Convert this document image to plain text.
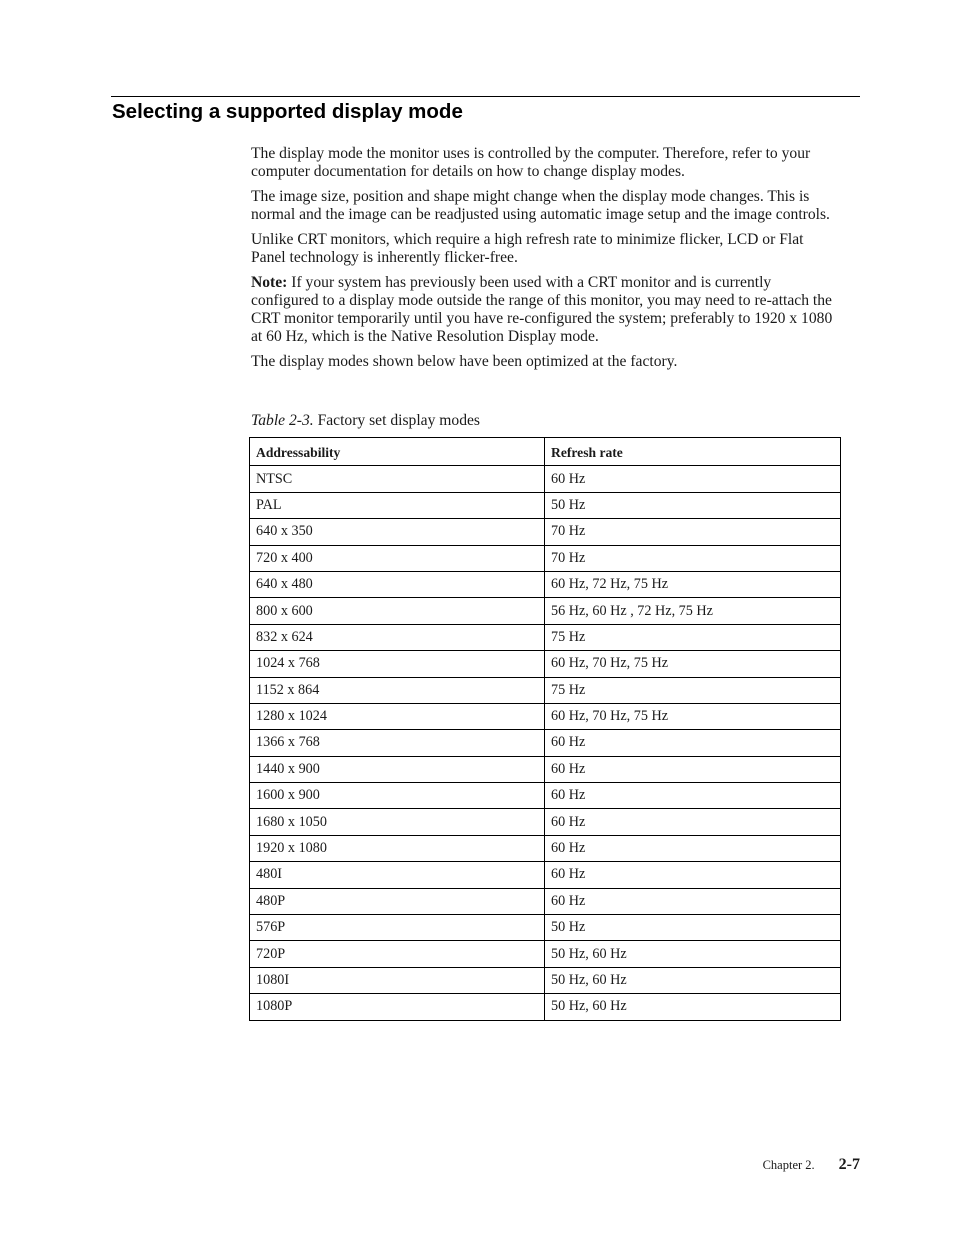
Selecting a supported display mode

The display mode the monitor uses is controlled by the computer. Therefore, refer to your computer documentation for details on how to change display modes.

The image size, position and shape might change when the display mode changes. This is normal and the image can be readjusted using automatic image setup and the image controls.

Unlike CRT monitors, which require a high refresh rate to minimize flicker, LCD or Flat Panel technology is inherently flicker-free.

Note: If your system has previously been used with a CRT monitor and is currently configured to a display mode outside the range of this monitor, you may need to re-attach the CRT monitor temporarily until you have re-configured the system; preferably to 1920 x 1080 at 60 Hz, which is the Native Resolution Display mode.

The display modes shown below have been optimized at the factory.

Table 2-3. Factory set display modes

Addressability	Refresh rate
NTSC	60 Hz
PAL	50 Hz
640 x 350	70 Hz
720 x 400	70 Hz
640 x 480	60 Hz, 72 Hz, 75 Hz
800 x 600	56 Hz, 60 Hz , 72 Hz, 75 Hz
832 x 624	75 Hz
1024 x 768	60 Hz, 70 Hz, 75 Hz
1152 x 864	75 Hz
1280 x 1024	60 Hz, 70 Hz, 75 Hz
1366 x 768	60 Hz
1440 x 900	60 Hz
1600 x 900	60 Hz
1680 x 1050	60 Hz
1920 x 1080	60 Hz
480I	60 Hz
480P	60 Hz
576P	50 Hz
720P	50 Hz, 60 Hz
1080I	50 Hz, 60 Hz
1080P	50 Hz, 60 Hz
Chapter 2. 2-7
